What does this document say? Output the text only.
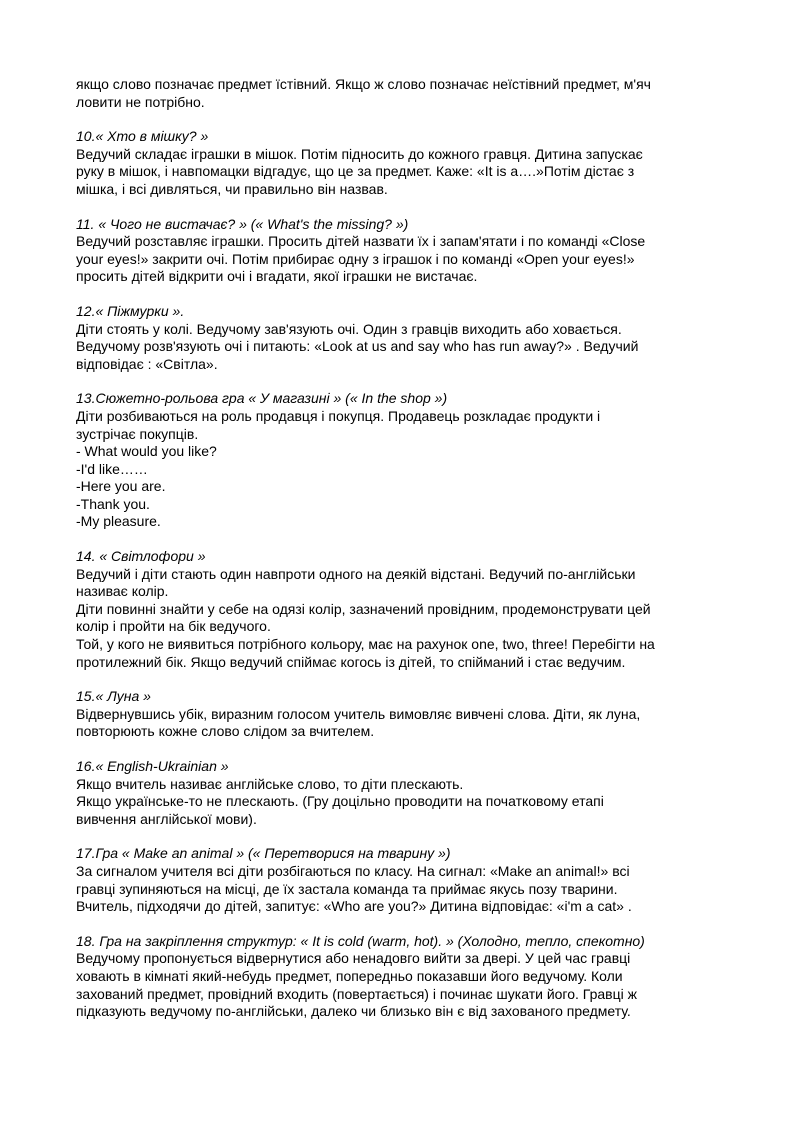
якщо слово позначає предмет їстівний. Якщо ж слово позначає неїстівний предмет, м'яч
ловити не потрібно.
10.« Хто в мішку? »
Ведучий складає іграшки в мішок. Потім підносить до кожного гравця. Дитина запускає
руку в мішок, і навпомацки відгадує, що це за предмет. Каже: «It is a….»Потім дістає з
мішка, і всі дивляться, чи правильно він назвав.
11. « Чого не вистачає? » (« What's the missing? »)
Ведучий розставляє іграшки. Просить дітей назвати їх і запам'ятати і по команді «Close
your eyes!» закрити очі. Потім прибирає одну з іграшок і по команді «Open your eyes!»
просить дітей відкрити очі і вгадати, якої іграшки не вистачає.
12.« Піжмурки ».
Діти стоять у колі. Ведучому зав'язують очі. Один з гравців виходить або ховається.
Ведучому розв'язують очі і питають: «Look at us and say who has run away?» . Ведучий
відповідає : «Світла».
13.Сюжетно-рольова гра « У магазині » (« In the shop »)
Діти розбиваються на роль продавця і покупця. Продавець розкладає продукти і
зустрічає покупців.
- What would you like?
-I'd like……
-Here you are.
-Thank you.
-My pleasure.
14. « Світлофори »
Ведучий і діти стають один навпроти одного на деякій відстані. Ведучий по-англійськи
називає колір.
Діти повинні знайти у себе на одязі колір, зазначений провідним, продемонструвати цей
колір і пройти на бік ведучого.
Той, у кого не виявиться потрібного кольору, має на рахунок one, two, three! Перебігти на
протилежний бік. Якщо ведучий спіймає когось із дітей, то спійманий і стає ведучим.
15.« Луна »
Відвернувшись убік, виразним голосом учитель вимовляє вивчені слова. Діти, як луна,
повторюють кожне слово слідом за вчителем.
16.« English-Ukrainian »
Якщо вчитель називає англійське слово, то діти плескають.
Якщо українське-то не плескають. (Гру доцільно проводити на початковому етапі
вивчення англійської мови).
17.Гра « Make an animal » (« Перетворися на тварину »)
За сигналом учителя всі діти розбігаються по класу. На сигнал: «Make an animal!» всі
гравці зупиняються на місці, де їх застала команда та приймає якусь позу тварини.
Вчитель, підходячи до дітей, запитує: «Who are you?» Дитина відповідає: «i'm a cat» .
18. Гра на закріплення структур: « It is cold (warm, hot). » (Холодно, тепло, спекотно)
Ведучому пропонується відвернутися або ненадовго вийти за двері. У цей час гравці
ховають в кімнаті який-небудь предмет, попередньо показавши його ведучому. Коли
захований предмет, провідний входить (повертається) і починає шукати його. Гравці ж
підказують ведучому по-англійськи, далеко чи близько він є від захованого предмету.
